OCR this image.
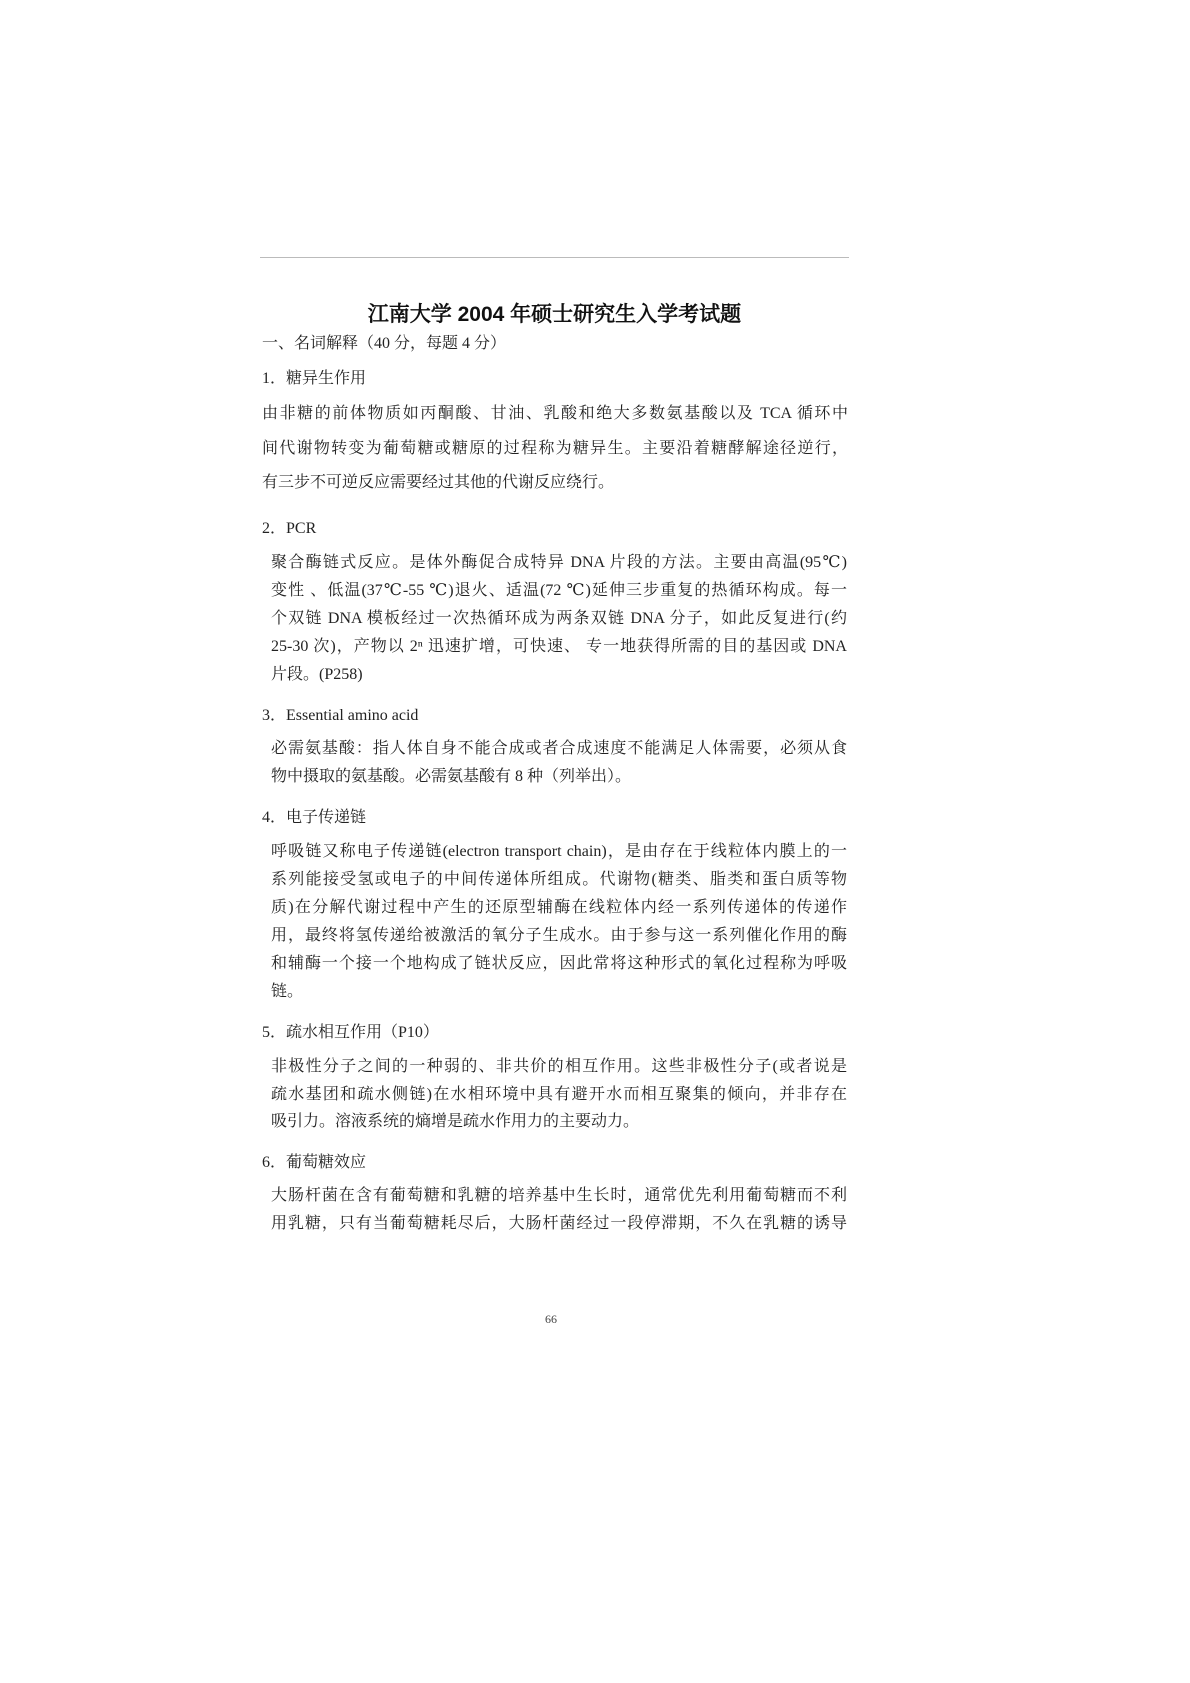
江南大学 2004 年硕士研究生入学考试题
一、名词解释（40 分，每题 4 分）
1．糖异生作用
由非糖的前体物质如丙酮酸、甘油、乳酸和绝大多数氨基酸以及 TCA 循环中
间代谢物转变为葡萄糖或糖原的过程称为糖异生。主要沿着糖酵解途径逆行，
有三步不可逆反应需要经过其他的代谢反应绕行。
2．PCR
聚合酶链式反应。是体外酶促合成特异 DNA 片段的方法。主要由高温(95℃)
变性 、低温(37℃-55 ℃)退火、适温(72 ℃)延伸三步重复的热循环构成。每一
个双链 DNA 模板经过一次热循环成为两条双链 DNA 分子，如此反复进行(约
25-30 次)，产物以 2ⁿ 迅速扩增，可快速、 专一地获得所需的目的基因或 DNA
片段。(P258)
3．Essential amino acid
必需氨基酸：指人体自身不能合成或者合成速度不能满足人体需要，必须从食
物中摄取的氨基酸。必需氨基酸有 8 种（列举出）。
4．电子传递链
呼吸链又称电子传递链(electron transport chain)，是由存在于线粒体内膜上的一
系列能接受氢或电子的中间传递体所组成。代谢物(糖类、脂类和蛋白质等物
质)在分解代谢过程中产生的还原型辅酶在线粒体内经一系列传递体的传递作
用，最终将氢传递给被激活的氧分子生成水。由于参与这一系列催化作用的酶
和辅酶一个接一个地构成了链状反应，因此常将这种形式的氧化过程称为呼吸
链。
5．疏水相互作用（P10）
非极性分子之间的一种弱的、非共价的相互作用。这些非极性分子(或者说是
疏水基团和疏水侧链)在水相环境中具有避开水而相互聚集的倾向，并非存在
吸引力。溶液系统的熵增是疏水作用力的主要动力。
6．葡萄糖效应
大肠杆菌在含有葡萄糖和乳糖的培养基中生长时，通常优先利用葡萄糖而不利
用乳糖，只有当葡萄糖耗尽后，大肠杆菌经过一段停滞期，不久在乳糖的诱导
66
